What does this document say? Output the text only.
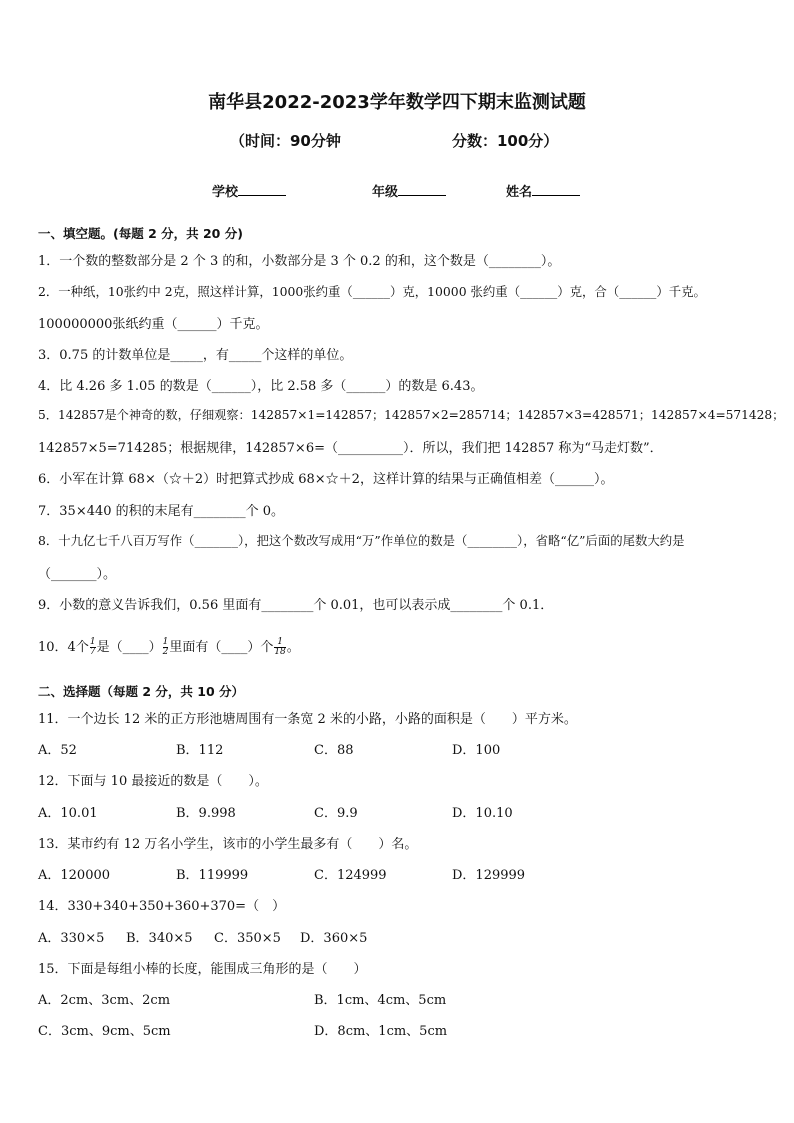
南华县2022-2023学年数学四下期末监测试题
（时间：90分钟	分数：100分）
学校	年级	姓名
一、填空题。(每题 2 分，共 20 分)
1．一个数的整数部分是 2 个 3 的和，小数部分是 3 个 0.2 的和，这个数是（________）。
2．一种纸，10张约中 2克，照这样计算，1000张约重（______）克，10000 张约重（______）克，合（______）千克。
100000000张纸约重（______）千克。
3．0.75 的计数单位是_____，有_____个这样的单位。
4．比 4.26 多 1.05 的数是（______），比 2.58 多（______）的数是 6.43。
5．142857是个神奇的数，仔细观察：142857×1=142857；142857×2=285714；142857×3=428571；142857×4=571428；
142857×5=714285；根据规律，142857×6=（__________）．所以，我们把 142857 称为“马走灯数”．
6．小军在计算 68×（☆＋2）时把算式抄成 68×☆＋2，这样计算的结果与正确值相差（______）。
7．35×440 的积的末尾有________个 0。
8．十九亿七千八百万写作（_______），把这个数改写成用“万”作单位的数是（________），省略“亿”后面的尾数大约是
（_______）。
9．小数的意义告诉我们，0.56 里面有________个 0.01，也可以表示成________个 0.1．
10．4个 $\frac{1}{7}$ 是（____） $\frac{1}{2}$ 里面有（____）个 $\frac{1}{18}$ 。
二、选择题（每题 2 分，共 10 分）
11．一个边长 12 米的正方形池塘周围有一条宽 2 米的小路，小路的面积是（　　）平方米。
A．52	B．112	C．88	D．100
12．下面与 10 最接近的数是（　　）。
A．10.01	B．9.998	C．9.9	D．10.10
13．某市约有 12 万名小学生，该市的小学生最多有（　　）名。
A．120000	B．119999	C．124999	D．129999
14．330+340+350+360+370=（　）
A．330×5 B．340×5 C．350×5 D．360×5
15．下面是每组小棒的长度，能围成三角形的是（　　）
A．2cm、3cm、2cm	B．1cm、4cm、5cm
C．3cm、9cm、5cm	D．8cm、1cm、5cm
